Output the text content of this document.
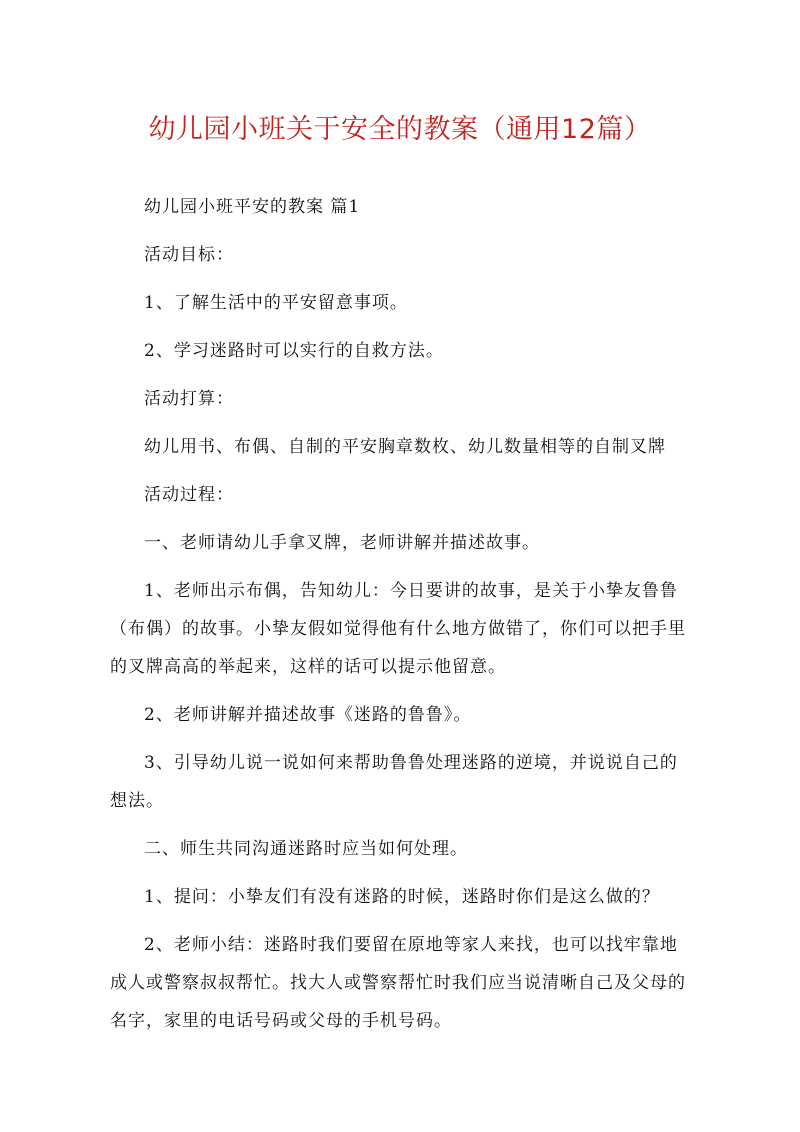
幼儿园小班关于安全的教案（通用12篇）

幼儿园小班平安的教案 篇1

活动目标：

1、了解生活中的平安留意事项。

2、学习迷路时可以实行的自救方法。

活动打算：

幼儿用书、布偶、自制的平安胸章数枚、幼儿数量相等的自制叉牌

活动过程：

一、老师请幼儿手拿叉牌，老师讲解并描述故事。

1、老师出示布偶，告知幼儿：今日要讲的故事，是关于小挚友鲁鲁（布偶）的故事。小挚友假如觉得他有什么地方做错了，你们可以把手里的叉牌高高的举起来，这样的话可以提示他留意。

2、老师讲解并描述故事《迷路的鲁鲁》。

3、引导幼儿说一说如何来帮助鲁鲁处理迷路的逆境，并说说自己的想法。

二、师生共同沟通迷路时应当如何处理。

1、提问：小挚友们有没有迷路的时候，迷路时你们是这么做的？

2、老师小结：迷路时我们要留在原地等家人来找，也可以找牢靠地成人或警察叔叔帮忙。找大人或警察帮忙时我们应当说清晰自己及父母的名字，家里的电话号码或父母的手机号码。
